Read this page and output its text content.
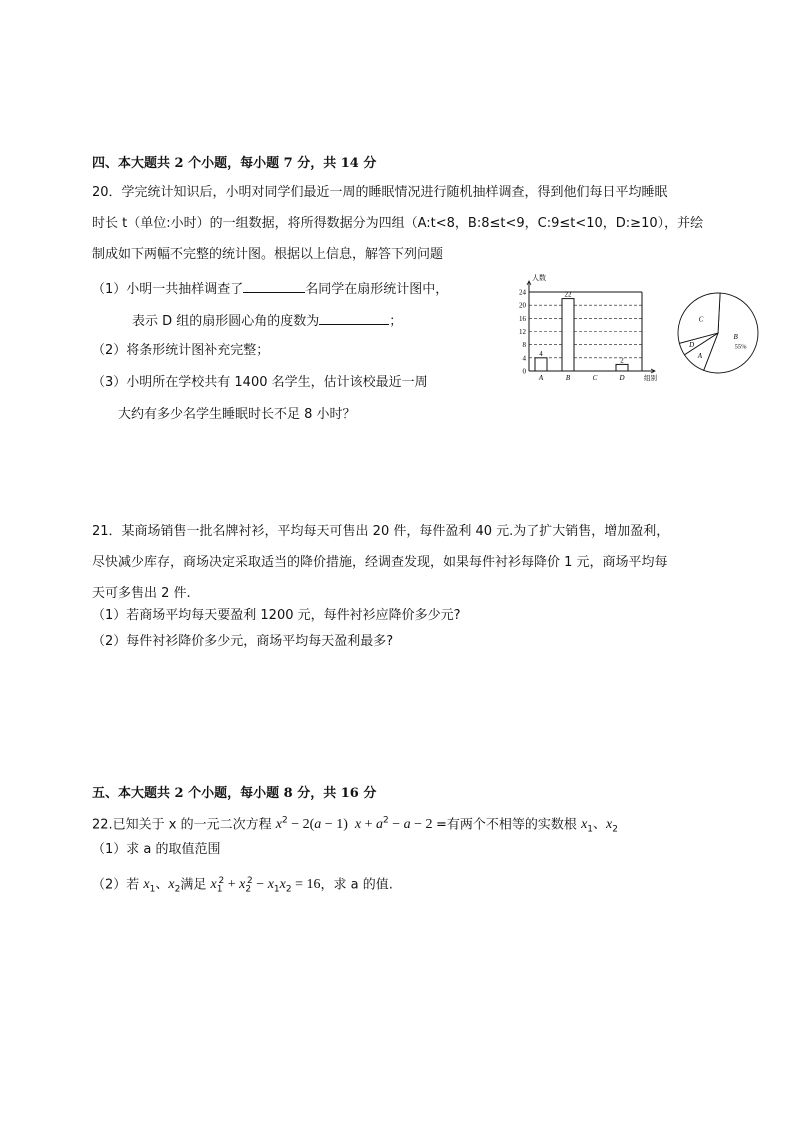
四、本大题共 2 个小题，每小题 7 分，共 14 分
20．学完统计知识后，小明对同学们最近一周的睡眠情况进行随机抽样调查，得到他们每日平均睡眠
时长 t（单位:小时）的一组数据，将所得数据分为四组（A:t<8，B:8≤t<9，C:9≤t<10，D:≥10），并绘
制成如下两幅不完整的统计图。根据以上信息，解答下列问题
（1）小明一共抽样调查了	名同学在扇形统计图中，
表示 D 组的扇形圆心角的度数为	；
（2）将条形统计图补充完整；
（3）小明所在学校共有 1400 名学生，估计该校最近一周
大约有多少名学生睡眠时长不足 8 小时？
0
4
8
12
16
20
24
人数
组别
4
A
22
B	C
2
D
B
55%
A
D
C
21．某商场销售一批名牌衬衫，平均每天可售出 20 件，每件盈利 40 元.为了扩大销售，增加盈利，
尽快减少库存，商场决定采取适当的降价措施，经调查发现，如果每件衬衫每降价 1 元，商场平均每
天可多售出 2 件.
（1）若商场平均每天要盈利 1200 元，每件衬衫应降价多少元?
（2）每件衬衫降价多少元，商场平均每天盈利最多?
五、本大题共 2 个小题，每小题 8 分，共 16 分
22.已知关于 x 的一元二次方程 $x^2 - 2(a - 1) x + a^2 - a - 2$ =有两个不相等的实数根 $x_1$、$x_2$
（1）求 a 的取值范围
（2）若 $x_1$、$x_2$满足 $x_1^2 + x_2^2 - x_1x_2 = 16$，求 a 的值.
